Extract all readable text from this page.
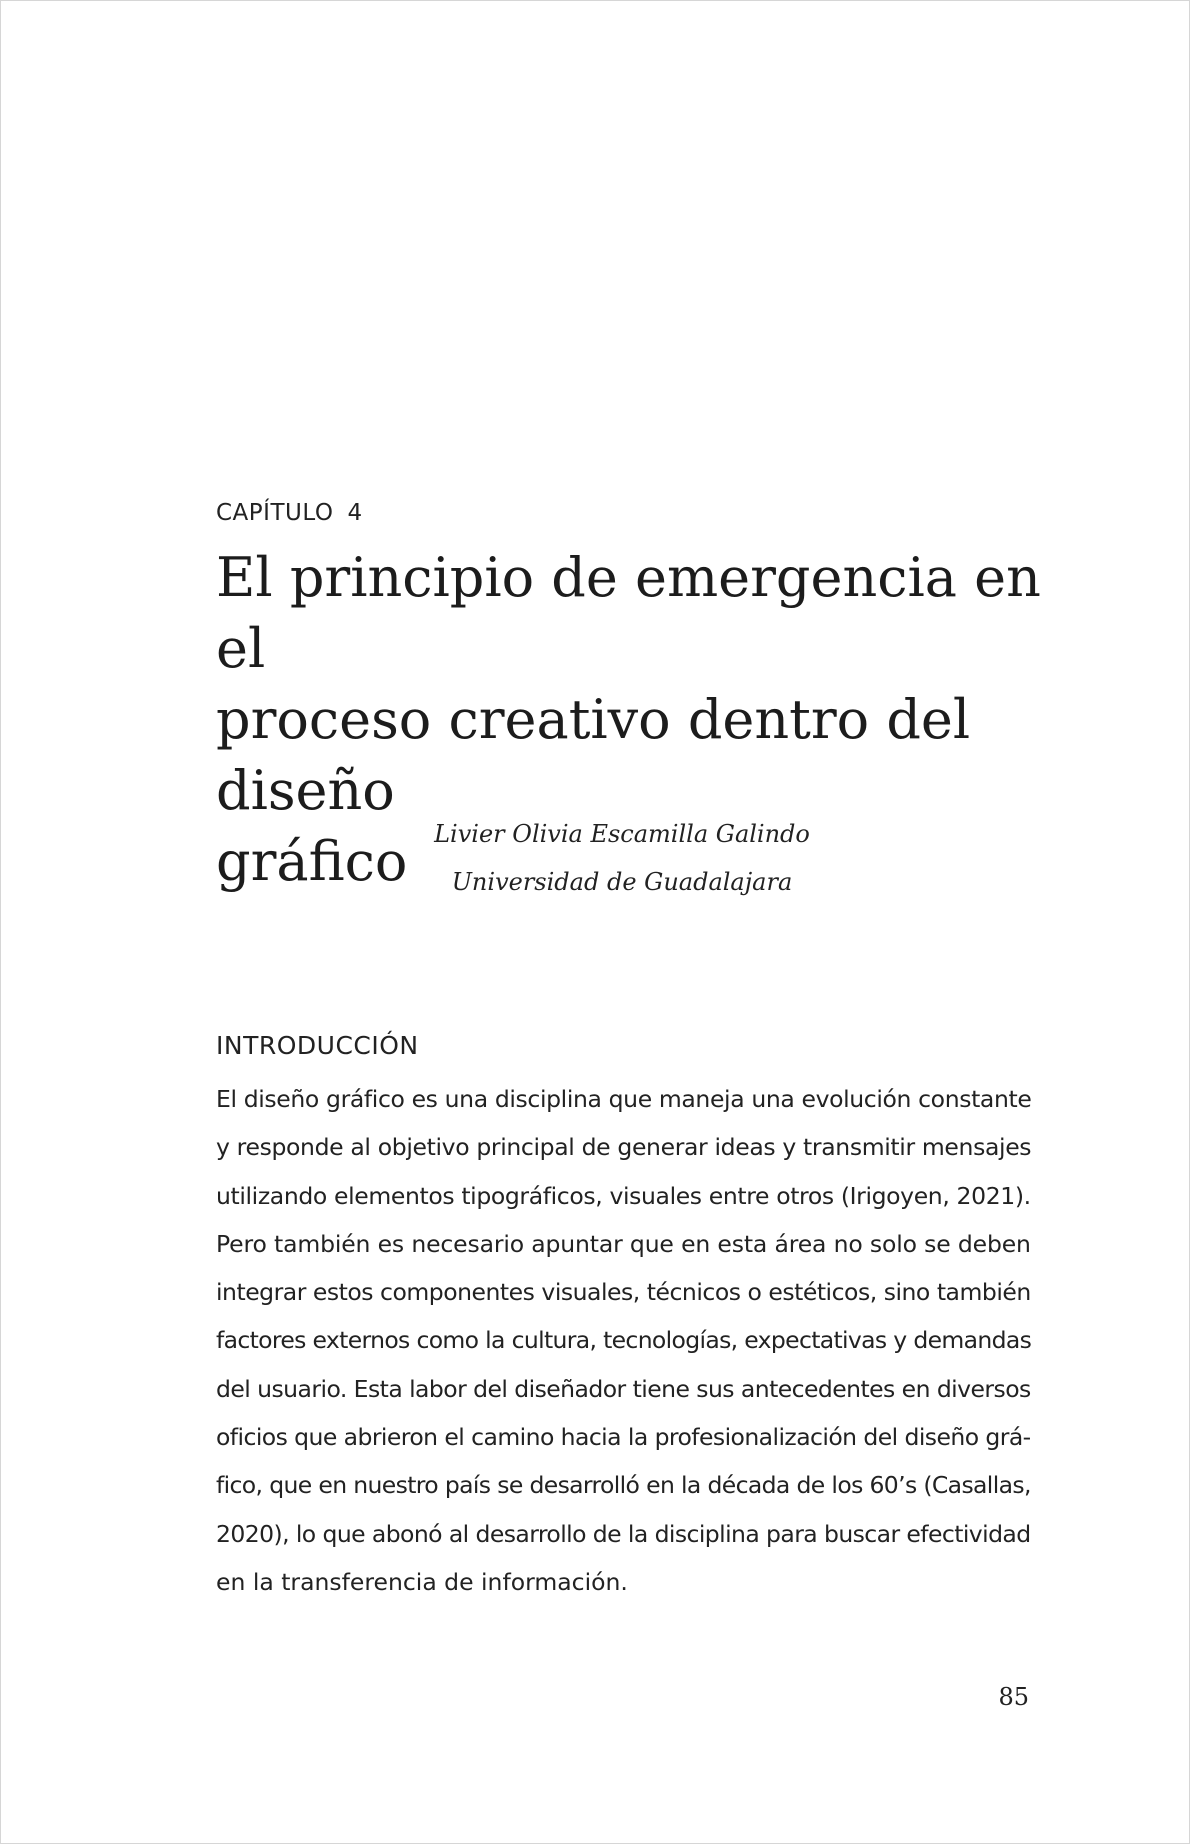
CAPÍTULO 4
El principio de emergencia en el
proceso creativo dentro del diseño
gráfico	Livier Olivia Escamilla Galindo
Universidad de Guadalajara
INTRODUCCIÓN
El diseño gráfico es una disciplina que maneja una evolución constante
y responde al objetivo principal de generar ideas y transmitir mensajes
utilizando elementos tipográficos, visuales entre otros (Irigoyen, 2021).
Pero también es necesario apuntar que en esta área no solo se deben
integrar estos componentes visuales, técnicos o estéticos, sino también
factores externos como la cultura, tecnologías, expectativas y demandas
del usuario. Esta labor del diseñador tiene sus antecedentes en diversos
oficios que abrieron el camino hacia la profesionalización del diseño grá-
fico, que en nuestro país se desarrolló en la década de los 60’s (Casallas,
2020), lo que abonó al desarrollo de la disciplina para buscar efectividad
en la transferencia de información.
85
